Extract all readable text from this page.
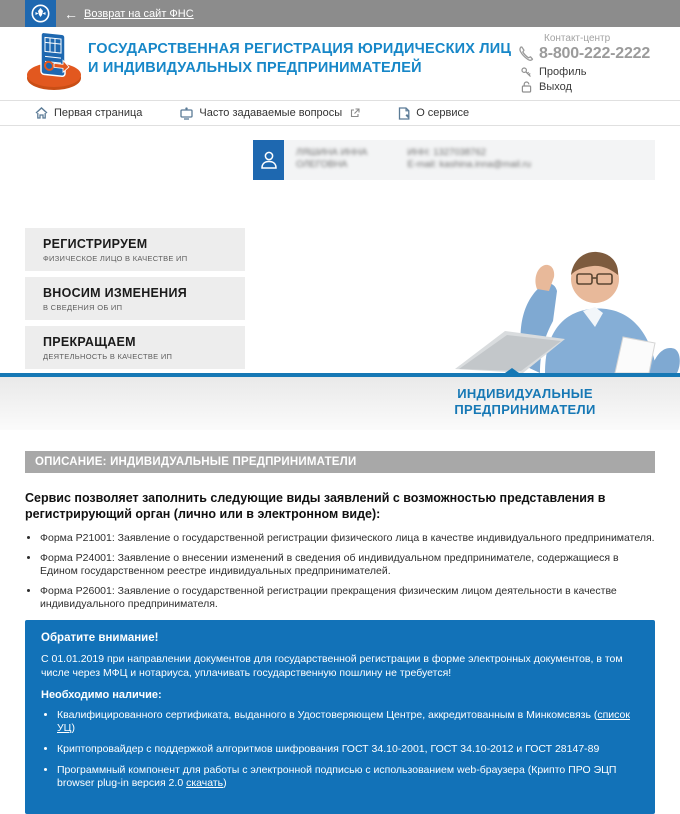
← Возврат на сайт ФНС
ГОСУДАРСТВЕННАЯ РЕГИСТРАЦИЯ ЮРИДИЧЕСКИХ ЛИЦ
И ИНДИВИДУАЛЬНЫХ ПРЕДПРИНИМАТЕЛЕЙ
Контакт-центр
8-800-222-2222
Профиль
Выход
Первая страница	Часто задаваемые вопросы	О сервисе
ЛЯШИНА ИННА
ОЛЕГОВНА
ИНН: 1327038762
E-mail: kashina.inna@mail.ru
РЕГИСТРИРУЕМ
ФИЗИЧЕСКОЕ ЛИЦО В КАЧЕСТВЕ ИП
ВНОСИМ ИЗМЕНЕНИЯ
В СВЕДЕНИЯ ОБ ИП
ПРЕКРАЩАЕМ
ДЕЯТЕЛЬНОСТЬ В КАЧЕСТВЕ ИП
ИНДИВИДУАЛЬНЫЕ
ПРЕДПРИНИМАТЕЛИ
ОПИСАНИЕ: ИНДИВИДУАЛЬНЫЕ ПРЕДПРИНИМАТЕЛИ
Сервис позволяет заполнить следующие виды заявлений с возможностью представления в регистрирующий орган (лично или в электронном виде):
• Форма Р21001: Заявление о государственной регистрации физического лица в качестве индивидуального предпринимателя.
• Форма Р24001: Заявление о внесении изменений в сведения об индивидуальном предпринимателе, содержащиеся в Едином государственном реестре индивидуальных предпринимателей.
• Форма Р26001: Заявление о государственной регистрации прекращения физическим лицом деятельности в качестве индивидуального предпринимателя.
Обратите внимание!
С 01.01.2019 при направлении документов для государственной регистрации в форме электронных документов, в том числе через МФЦ и нотариуса, уплачивать государственную пошлину не требуется!
Необходимо наличие:
• Квалифицированного сертификата, выданного в Удостоверяющем Центре, аккредитованным в Минкомсвязь (список УЦ)
• Криптопровайдер с поддержкой алгоритмов шифрования ГОСТ 34.10-2001, ГОСТ 34.10-2012 и ГОСТ 28147-89
• Программный компонент для работы с электронной подписью с использованием web-браузера (Крипто ПРО ЭЦП browser plug-in версия 2.0 скачать)
